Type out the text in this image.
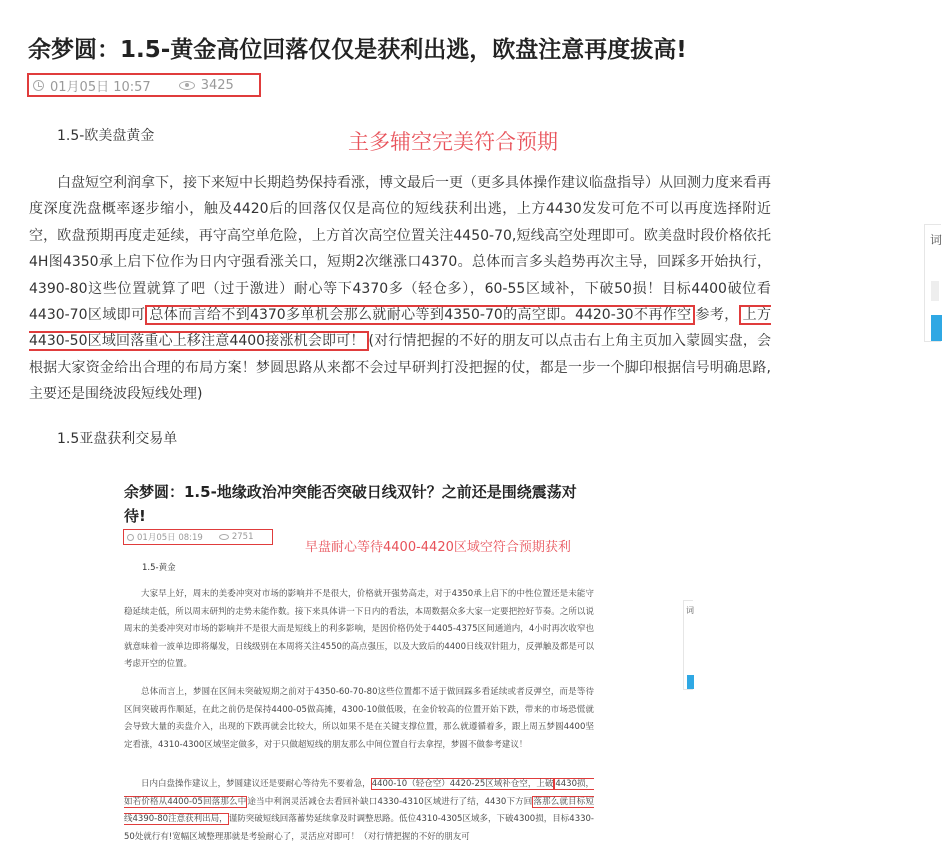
余梦圆：1.5-黄金高位回落仅仅是获利出逃，欧盘注意再度拔高!
01月05日 10:57	3425
1.5-欧美盘黄金	主多辅空完美符合预期

白盘短空利润拿下，接下来短中长期趋势保持看涨，博文最后一更（更多具体操作建议临盘指导）从回测力度来看再度深度洗盘概率逐步缩小，触及4420后的回落仅仅是高位的短线获利出逃，上方4430发发可危不可以再度选择附近空，欧盘预期再度走延续，再守高空单危险，上方首次高空位置关注4450-70,短线高空处理即可。欧美盘时段价格依托4H图4350承上启下位作为日内守强看涨关口，短期2次继涨口4370。总体而言多头趋势再次主导，回踩多开始执行，4390-80这些位置就算了吧（过于激进）耐心等下4370多（轻仓多），60-55区域补，下破50损！目标4400破位看4430-70区域即可 总体而言给不到4370多单机会那么就耐心等到4350-70的高空即。4420-30不再作空 参考， 上方4430-50区域回落重心上移注意4400接涨机会即可！ (对行情把握的不好的朋友可以点击右上角主页加入蒙圆实盘，会根据大家资金给出合理的布局方案！梦圆思路从来都不会过早研判打没把握的仗，都是一步一个脚印根据信号明确思路,主要还是围绕波段短线处理)

1.5亚盘获利交易单
词
余梦圆：1.5-地缘政治冲突能否突破日线双针？之前还是围绕震荡对待!
01月05日 08:19	2751
早盘耐心等待4400-4420区域空符合预期获利
1.5-黄金

大家早上好，周末的美委冲突对市场的影响并不是很大，价格就开强势高走，对于4350承上启下的中性位置还是未能守稳延续走低，所以周末研判的走势未能作数。接下来具体讲一下日内的看法，本周数据众多大家一定要把控好节奏。之所以说周末的美委冲突对市场的影响并不是很大而是短线上的利多影响，是因价格仍处于4405-4375区间通道内，4小时再次收窄也就意味着一波单边即将爆发，日线级别在本周将关注4550的高点强压，以及大致后的4400日线双针阻力，反弹触及都是可以考虑开空的位置。

总体而言上，梦圆在区间未突破短期之前对于4350-60-70-80这些位置都不适于做回踩多看延续或者反弹空，而是等待区间突破再作顺延，在此之前仍是保持4400-05做高摊，4300-10做低吸，在金价较高的位置开始下跌，带来的市场恐慌就会导致大量的卖盘介入，出现的下跌再就会比较大，所以如果不是在关键支撑位置，那么就遵循着多，跟上周五梦圆4400坚定看涨，4310-4300区域坚定做多，对于只做超短线的朋友那么中间位置自行去拿捏，梦圆不做参考建议！

日内白盘操作建议上，梦圆建议还是要耐心等待先不要着急，4400-10（轻仓空）4420-25区域补仓空，上破 4430损，如若价格从4400-05回落那么中途当中利润灵活减仓去看回补缺口4330-4310区域进行了结，4430下方回落那么就目标短线4390-80注意获利出局，谨防突破短线回落蓄势延续拿及时调整思路。低位4310-4305区域多，下破4300损，目标4330-50处就行有!宽幅区域整理那就是考验耐心了，灵活应对即可！（对行情把握的不好的朋友可

词
